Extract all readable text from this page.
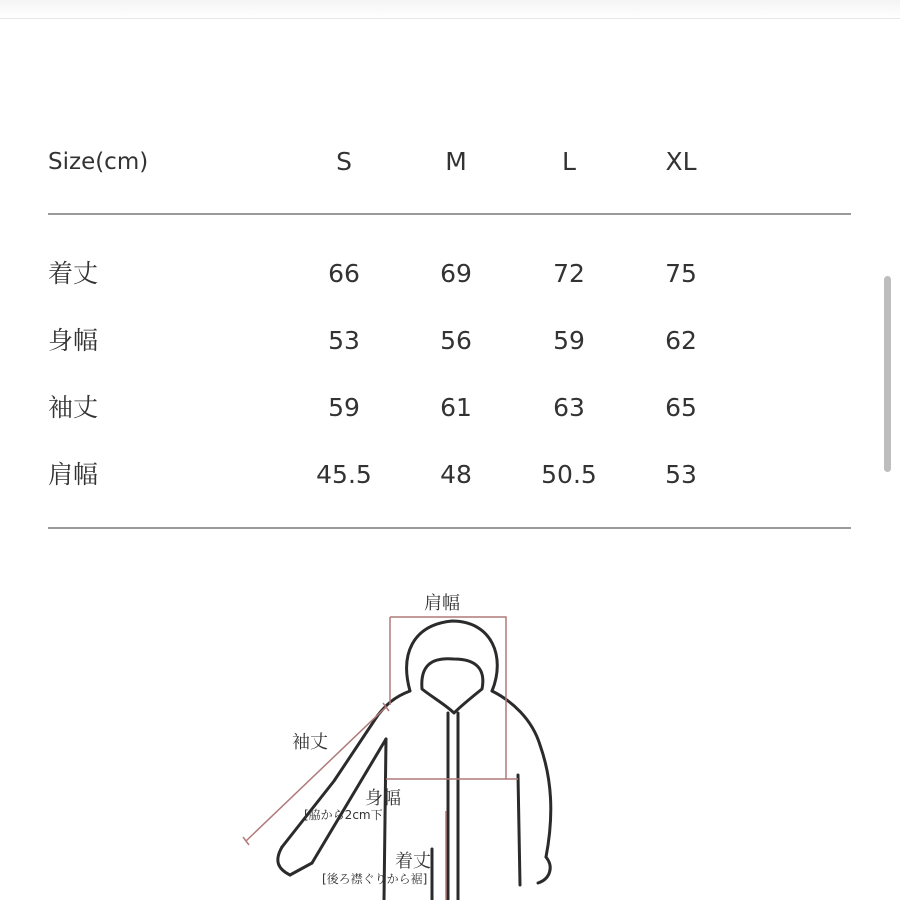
Size(cm)	S	M	L	XL
着丈	66	69	72	75
身幅	53	56	59	62
袖丈	59	61	63	65
肩幅	45.5	48	50.5	53
肩幅
袖丈
身幅
[脇から2cm下]
着丈
[後ろ襟ぐりから裾]
